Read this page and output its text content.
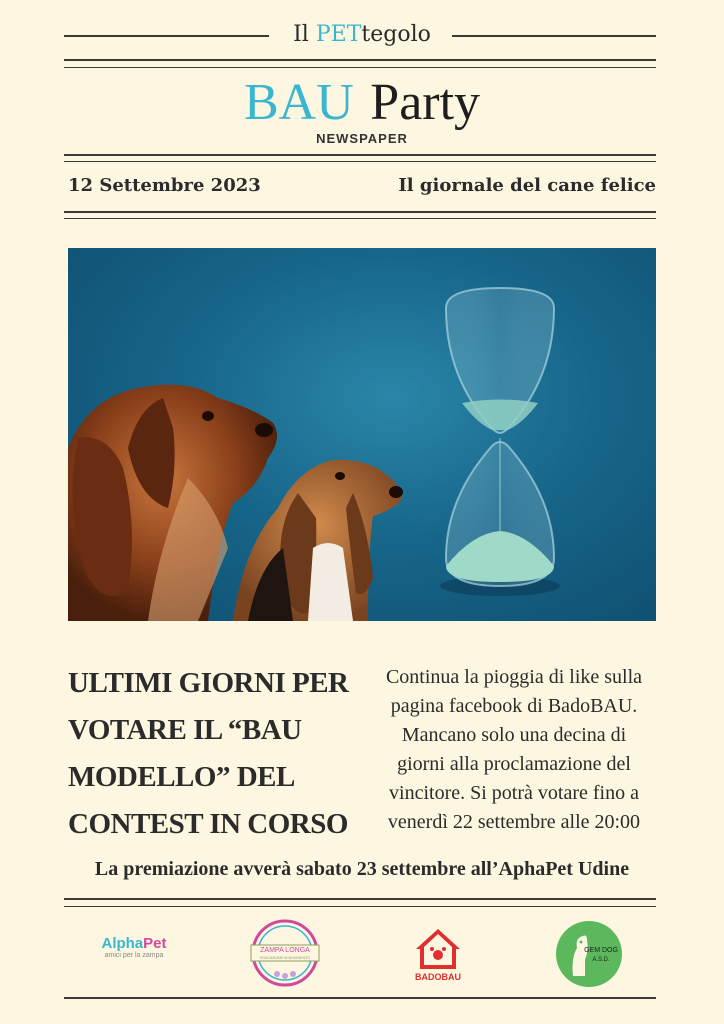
Il PETtegolo
BAU Party
NEWSPAPER
12 Settembre 2023	Il giornale del cane felice
ULTIMI GIORNI PER
VOTARE IL “BAU
MODELLO” DEL
CONTEST IN CORSO
Continua la pioggia di like sulla
pagina facebook di BadoBAU.
Mancano solo una decina di
giorni alla proclamazione del
vincitore. Si potrà votare fino a
venerdì 22 settembre alle 20:00
La premiazione avverà sabato 23 settembre all’AphaPet Udine
AlphaPet
amici per la zampa
ZAMPA LONGA
EDUCAZIONE IN MOVIMENTO
BADOBAU
GEM DOG
A.S.D.
